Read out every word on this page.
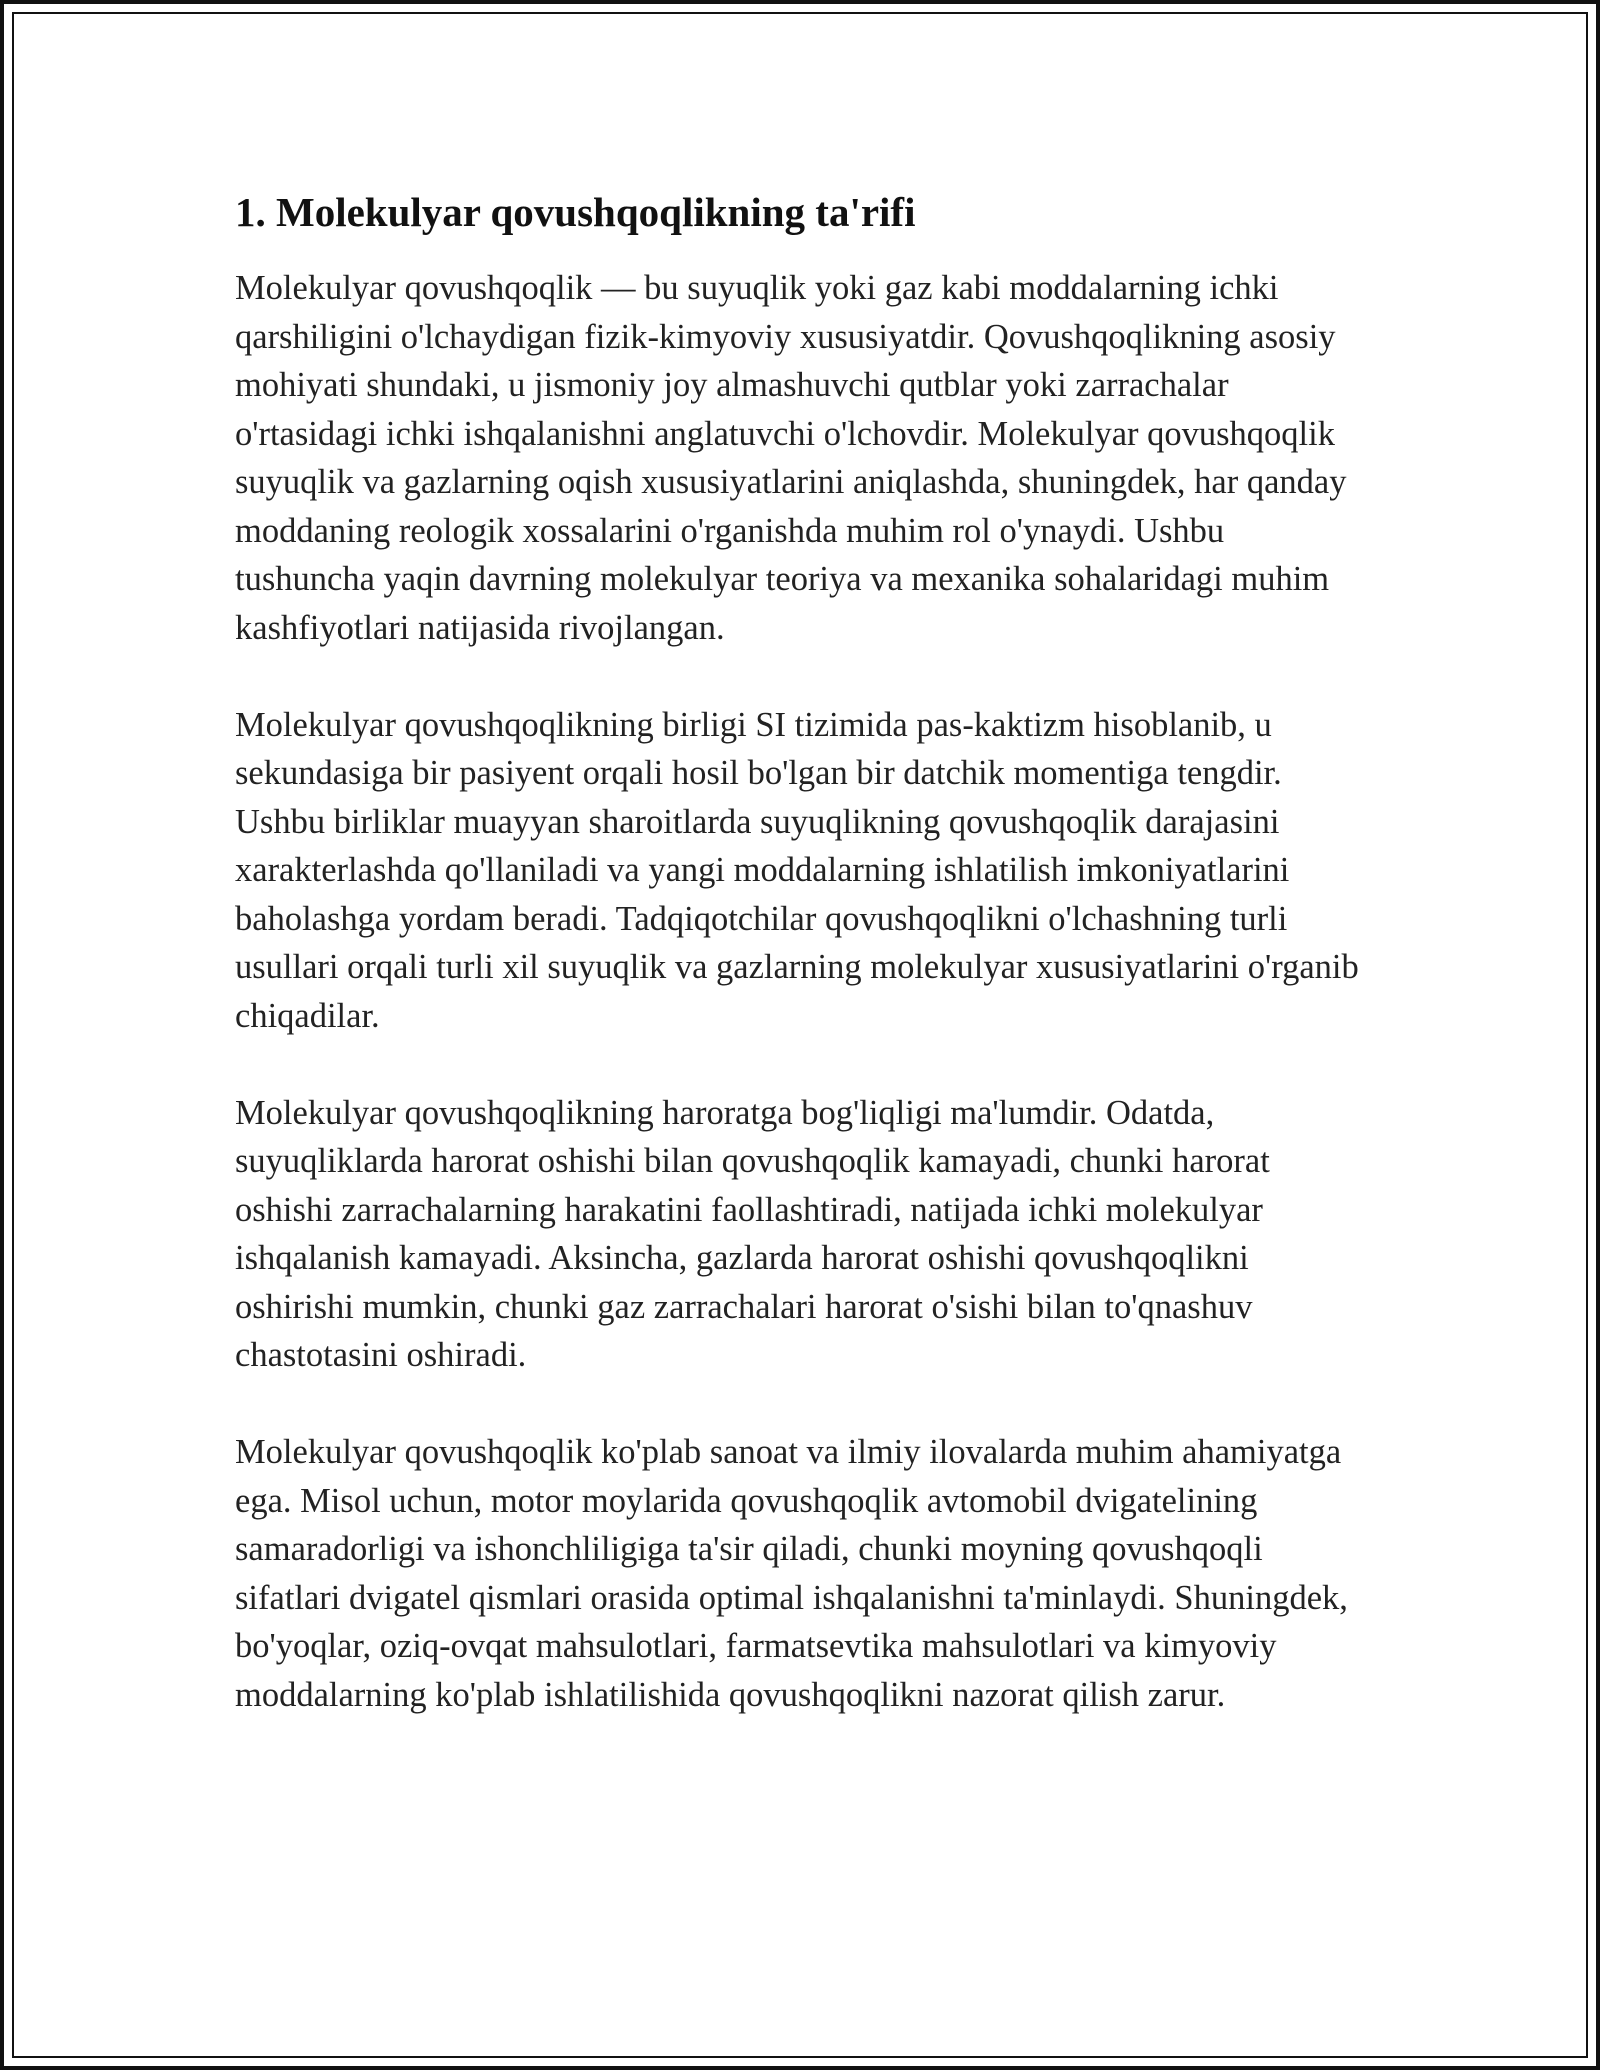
1. Molekulyar qovushqoqlikning ta'rifi

Molekulyar qovushqoqlik — bu suyuqlik yoki gaz kabi moddalarning ichki qarshiligini o'lchaydigan fizik-kimyoviy xususiyatdir. Qovushqoqlikning asosiy mohiyati shundaki, u jismoniy joy almashuvchi qutblar yoki zarrachalar o'rtasidagi ichki ishqalanishni anglatuvchi o'lchovdir. Molekulyar qovushqoqlik suyuqlik va gazlarning oqish xususiyatlarini aniqlashda, shuningdek, har qanday moddaning reologik xossalarini o'rganishda muhim rol o'ynaydi. Ushbu tushuncha yaqin davrning molekulyar teoriya va mexanika sohalaridagi muhim kashfiyotlari natijasida rivojlangan.

Molekulyar qovushqoqlikning birligi SI tizimida pas-kaktizm hisoblanib, u sekundasiga bir pasiyent orqali hosil bo'lgan bir datchik momentiga tengdir. Ushbu birliklar muayyan sharoitlarda suyuqlikning qovushqoqlik darajasini xarakterlashda qo'llaniladi va yangi moddalarning ishlatilish imkoniyatlarini baholashga yordam beradi. Tadqiqotchilar qovushqoqlikni o'lchashning turli usullari orqali turli xil suyuqlik va gazlarning molekulyar xususiyatlarini o'rganib chiqadilar.

Molekulyar qovushqoqlikning haroratga bog'liqligi ma'lumdir. Odatda, suyuqliklarda harorat oshishi bilan qovushqoqlik kamayadi, chunki harorat oshishi zarrachalarning harakatini faollashtiradi, natijada ichki molekulyar ishqalanish kamayadi. Aksincha, gazlarda harorat oshishi qovushqoqlikni oshirishi mumkin, chunki gaz zarrachalari harorat o'sishi bilan to'qnashuv chastotasini oshiradi.

Molekulyar qovushqoqlik ko'plab sanoat va ilmiy ilovalarda muhim ahamiyatga ega. Misol uchun, motor moylarida qovushqoqlik avtomobil dvigatelining samaradorligi va ishonchliligiga ta'sir qiladi, chunki moyning qovushqoqli sifatlari dvigatel qismlari orasida optimal ishqalanishni ta'minlaydi. Shuningdek, bo'yoqlar, oziq-ovqat mahsulotlari, farmatsevtika mahsulotlari va kimyoviy moddalarning ko'plab ishlatilishida qovushqoqlikni nazorat qilish zarur.
